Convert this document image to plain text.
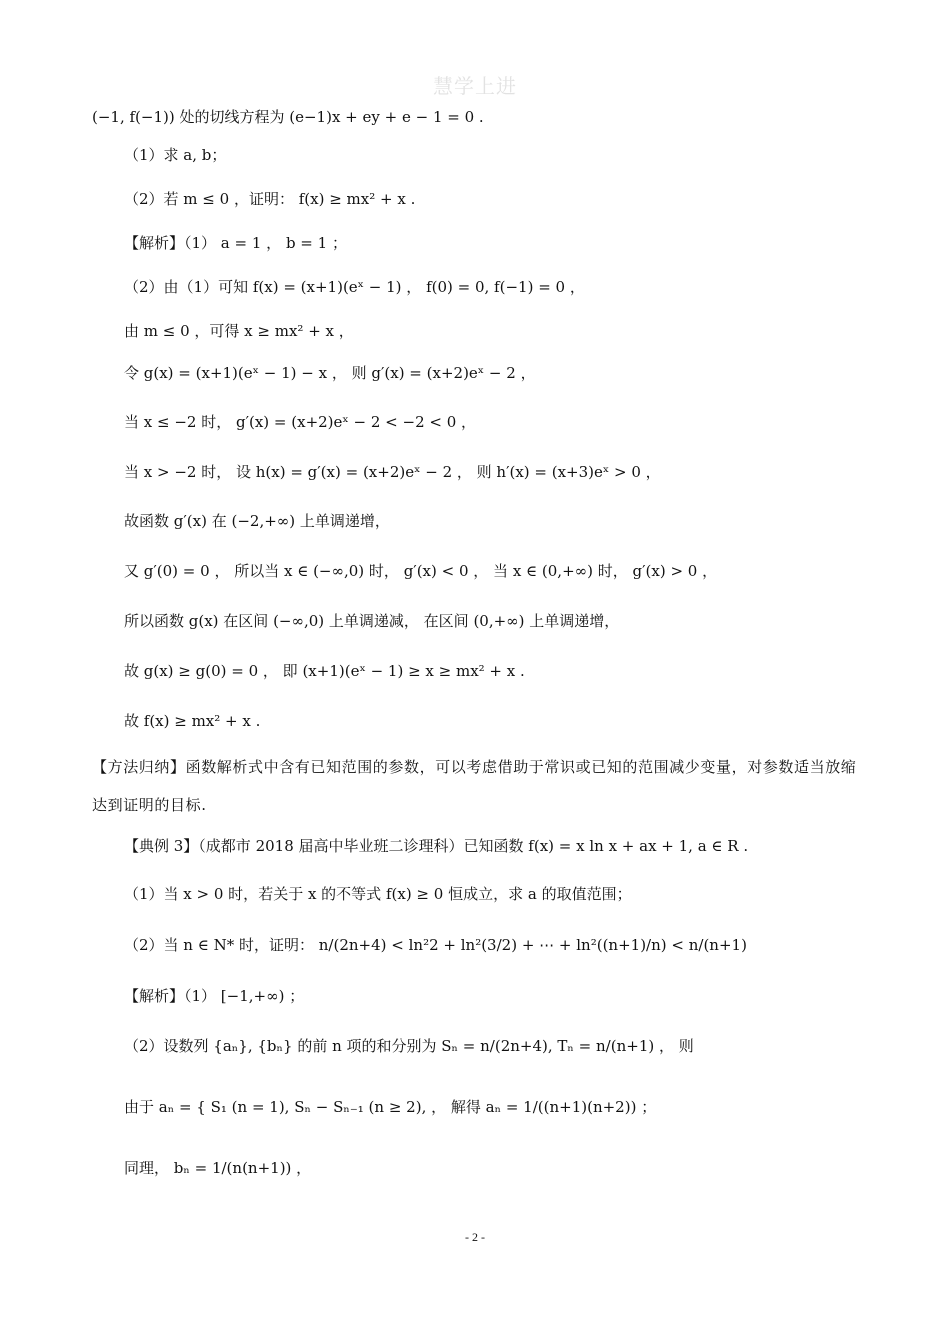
慧学上进
(−1, f(−1)) 处的切线方程为 (e−1)x + ey + e − 1 = 0 .
（1）求 a, b；
（2）若 m ≤ 0 ，证明： f(x) ≥ mx² + x .
【解析】（1） a = 1 ， b = 1 ；
（2）由（1）可知 f(x) = (x+1)(eˣ − 1) ， f(0) = 0, f(−1) = 0 ，
由 m ≤ 0 ，可得 x ≥ mx² + x ，
令 g(x) = (x+1)(eˣ − 1) − x ， 则 g′(x) = (x+2)eˣ − 2 ，
当 x ≤ −2 时， g′(x) = (x+2)eˣ − 2 < −2 < 0 ，
当 x > −2 时， 设 h(x) = g′(x) = (x+2)eˣ − 2 ， 则 h′(x) = (x+3)eˣ > 0 ，
故函数 g′(x) 在 (−2,+∞) 上单调递增，
又 g′(0) = 0 ， 所以当 x ∈ (−∞,0) 时， g′(x) < 0 ， 当 x ∈ (0,+∞) 时， g′(x) > 0 ，
所以函数 g(x) 在区间 (−∞,0) 上单调递减， 在区间 (0,+∞) 上单调递增，
故 g(x) ≥ g(0) = 0 ， 即 (x+1)(eˣ − 1) ≥ x ≥ mx² + x .
故 f(x) ≥ mx² + x .
【方法归纳】函数解析式中含有已知范围的参数，可以考虑借助于常识或已知的范围减少变量，对参数适当放缩达到证明的目标.
【典例 3】（成都市 2018 届高中毕业班二诊理科）已知函数 f(x) = x ln x + ax + 1, a ∈ R .
（1）当 x > 0 时，若关于 x 的不等式 f(x) ≥ 0 恒成立，求 a 的取值范围；
（2）当 n ∈ N* 时，证明： n/(2n+4) < ln²2 + ln²(3/2) + ⋯ + ln²((n+1)/n) < n/(n+1)
【解析】（1） [−1,+∞) ；
（2）设数列 {aₙ}, {bₙ} 的前 n 项的和分别为 Sₙ = n/(2n+4), Tₙ = n/(n+1) ， 则
由于 aₙ = { S₁ (n = 1), Sₙ − Sₙ₋₁ (n ≥ 2), ， 解得 aₙ = 1/((n+1)(n+2)) ；
同理， bₙ = 1/(n(n+1)) ，
- 2 -
